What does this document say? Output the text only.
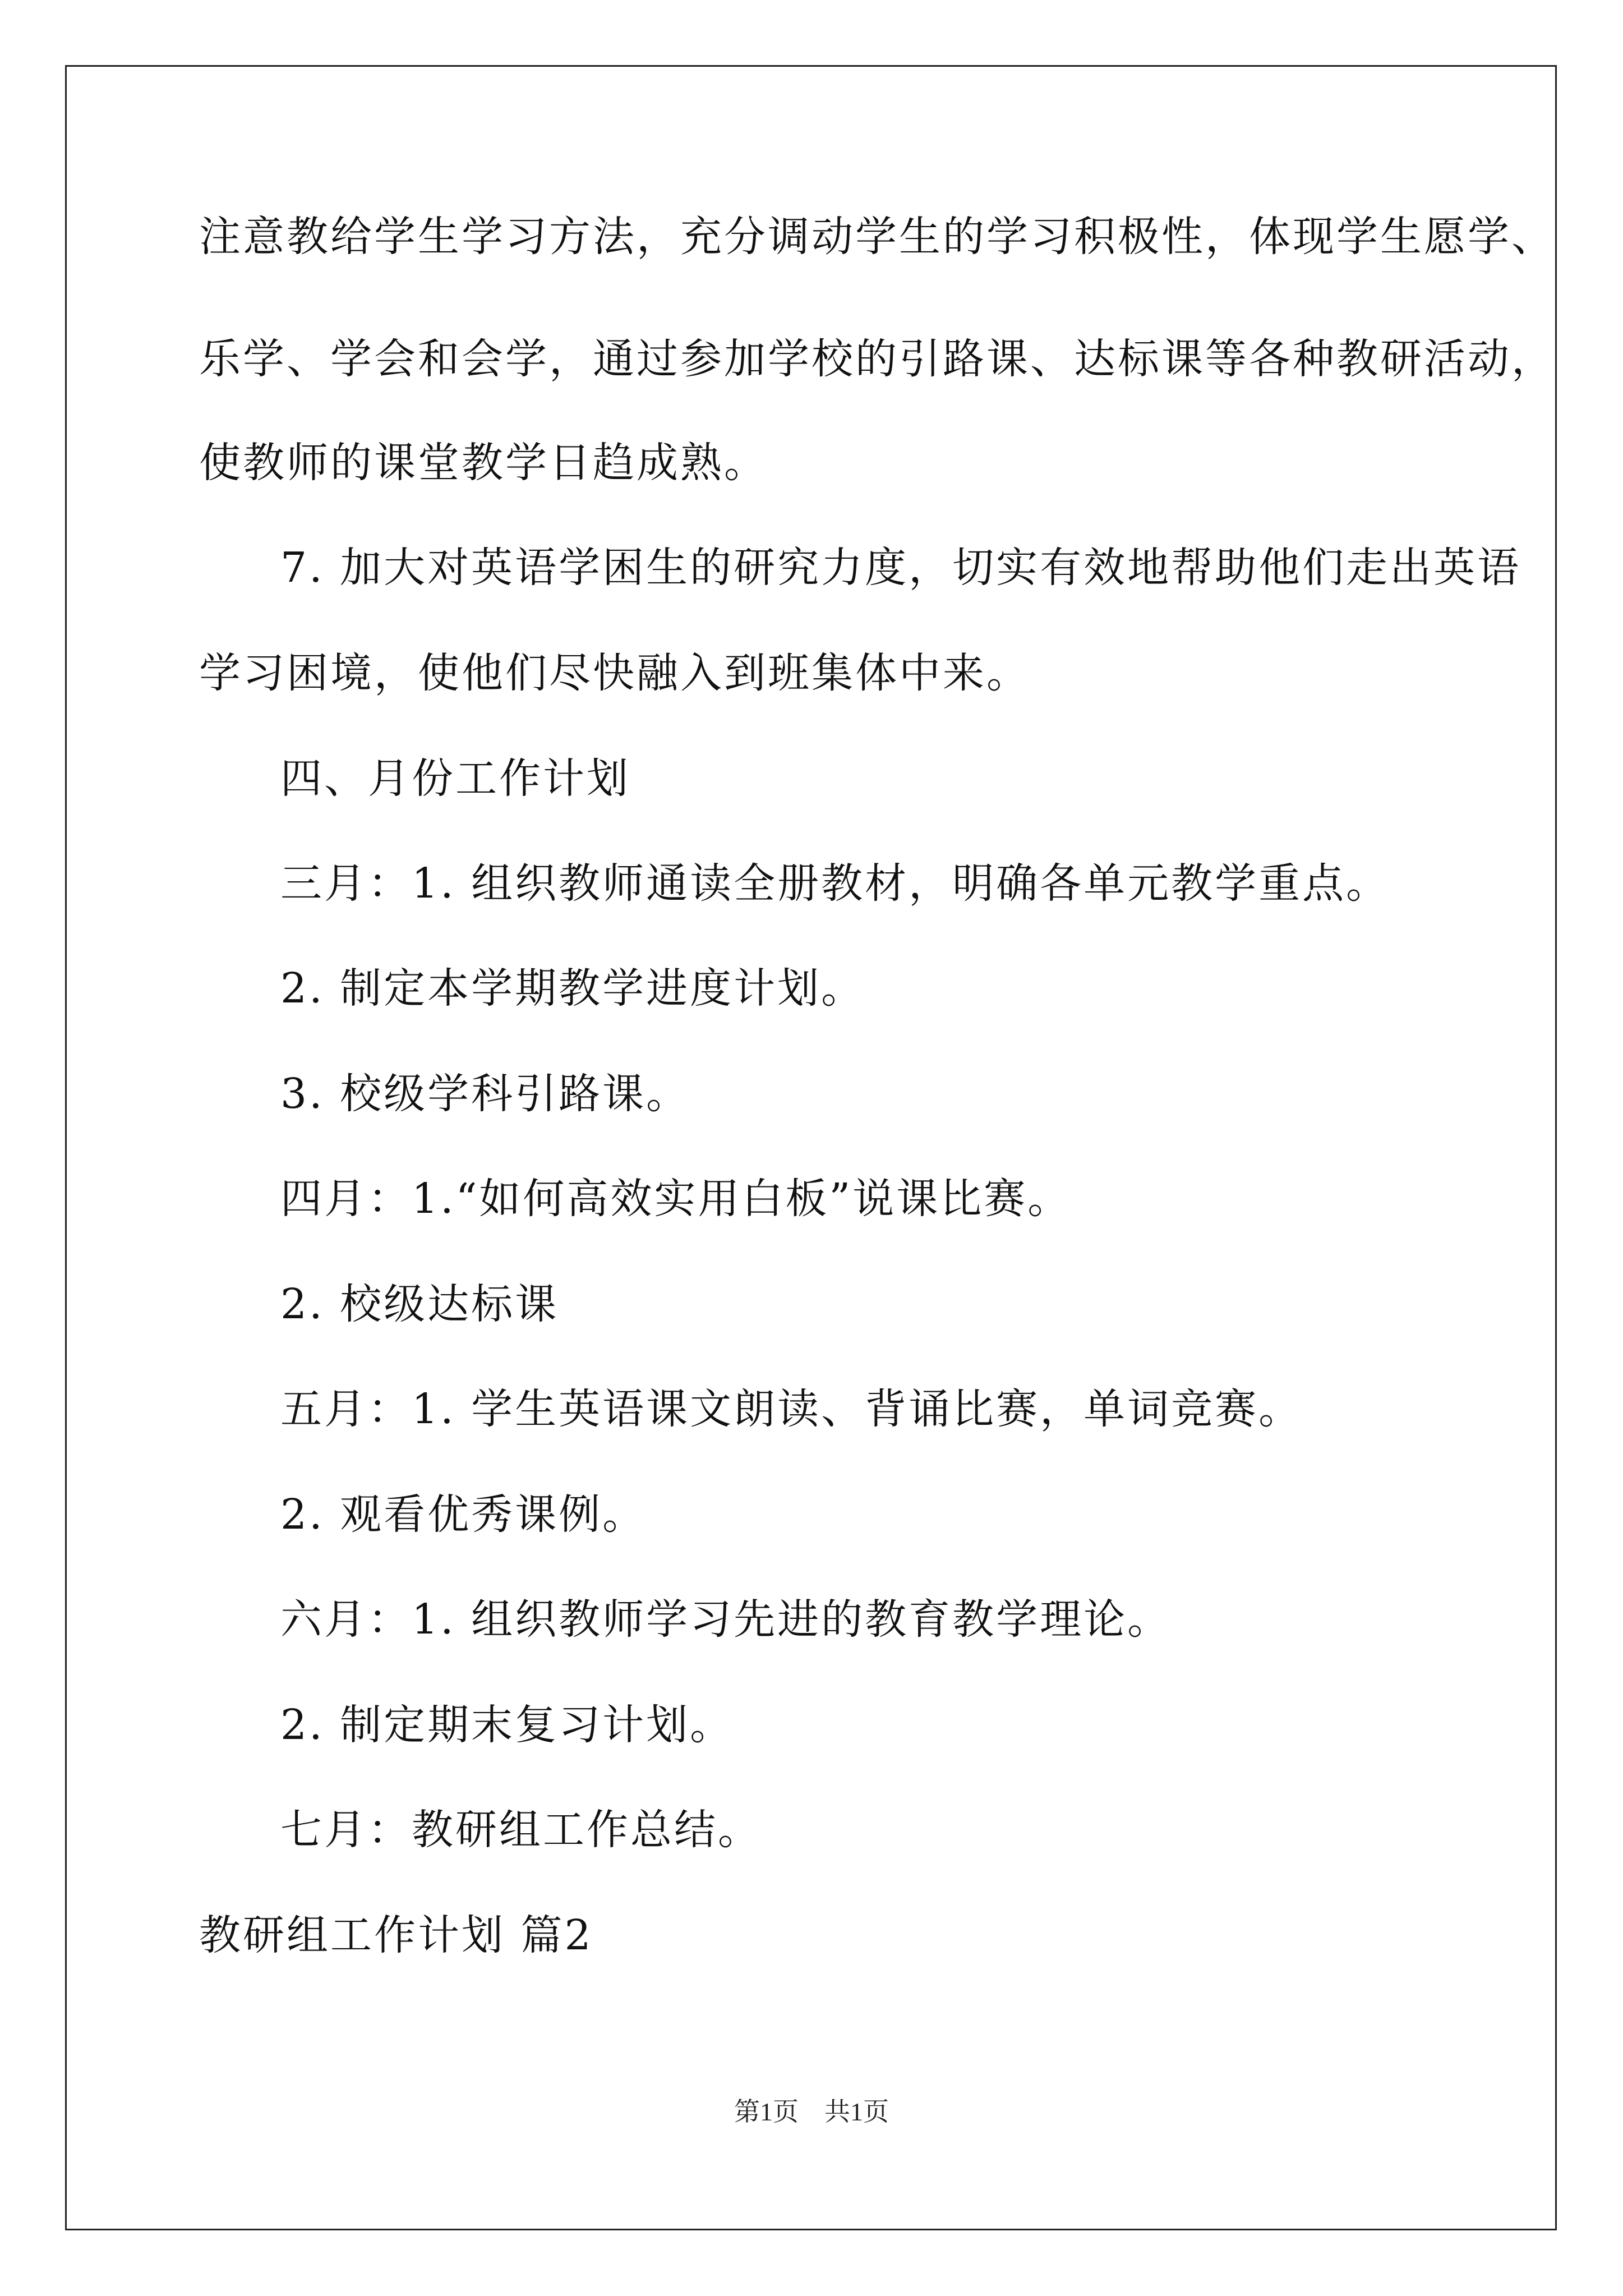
注意教给学生学习方法，充分调动学生的学习积极性，体现学生愿学、

乐学、学会和会学，通过参加学校的引路课、达标课等各种教研活动，

使教师的课堂教学日趋成熟。

7. 加大对英语学困生的研究力度，切实有效地帮助他们走出英语

学习困境，使他们尽快融入到班集体中来。

四、月份工作计划

三月：1. 组织教师通读全册教材，明确各单元教学重点。

2. 制定本学期教学进度计划。

3. 校级学科引路课。

四月：1.“如何高效实用白板”说课比赛。

2. 校级达标课

五月：1. 学生英语课文朗读、背诵比赛，单词竞赛。

2. 观看优秀课例。

六月：1. 组织教师学习先进的教育教学理论。

2. 制定期末复习计划。

七月：教研组工作总结。

教研组工作计划 篇2

第1页　共1页
